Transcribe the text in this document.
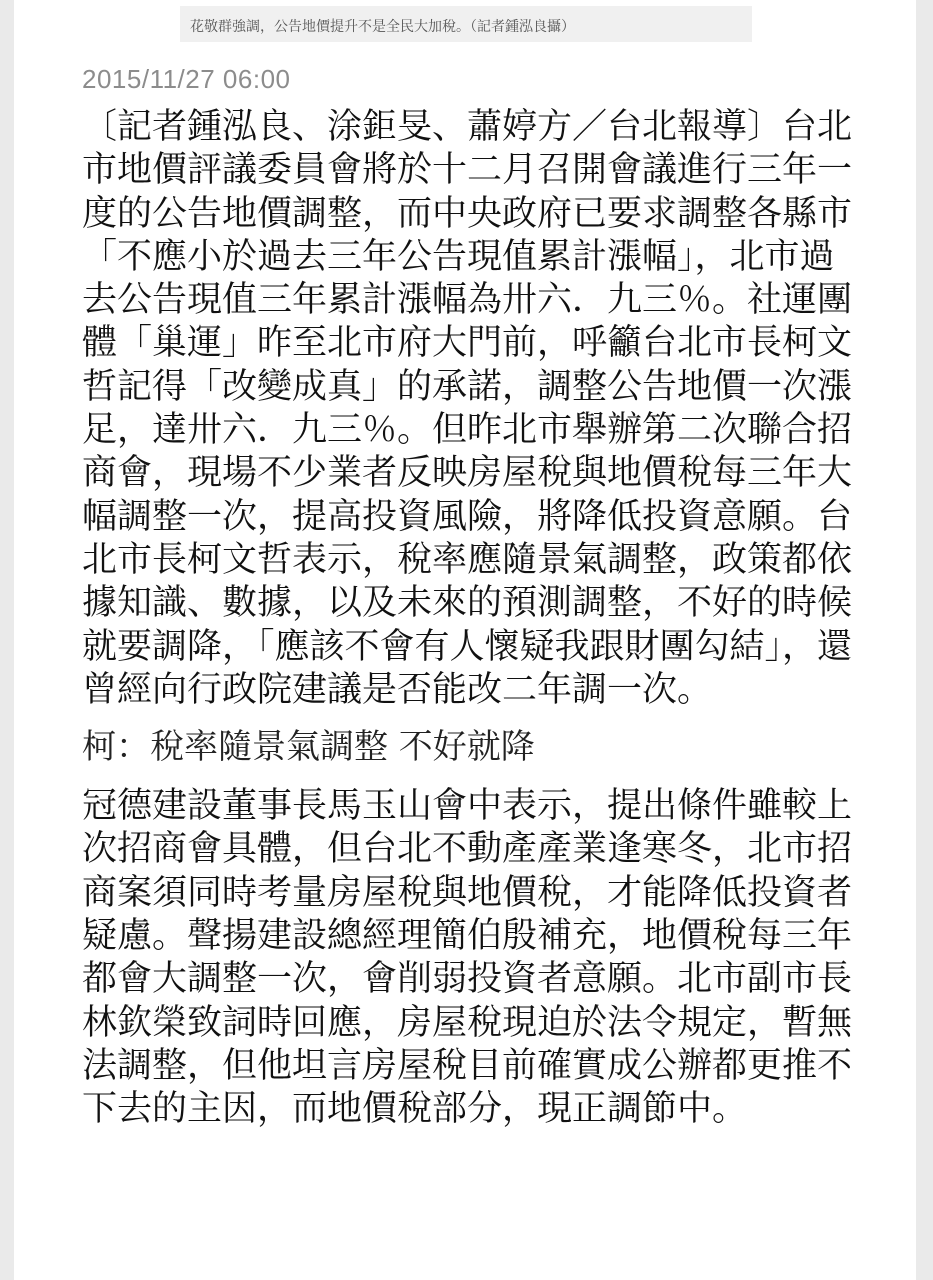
花敬群強調，公告地價提升不是全民大加稅。（記者鍾泓良攝）
2015/11/27 06:00

〔記者鍾泓良、涂鉅旻、蕭婷方／台北報導〕台北市地價評議委員會將於十二月召開會議進行三年一度的公告地價調整，而中央政府已要求調整各縣市「不應小於過去三年公告現值累計漲幅」，北市過去公告現值三年累計漲幅為卅六．九三％。社運團體「巢運」昨至北市府大門前，呼籲台北市長柯文哲記得「改變成真」的承諾，調整公告地價一次漲足，達卅六．九三％。但昨北市舉辦第二次聯合招商會，現場不少業者反映房屋稅與地價稅每三年大幅調整一次，提高投資風險，將降低投資意願。台北市長柯文哲表示，稅率應隨景氣調整，政策都依據知識、數據，以及未來的預測調整，不好的時候就要調降，「應該不會有人懷疑我跟財團勾結」，還曾經向行政院建議是否能改二年調一次。

柯：稅率隨景氣調整 不好就降

冠德建設董事長馬玉山會中表示，提出條件雖較上次招商會具體，但台北不動產產業逢寒冬，北市招商案須同時考量房屋稅與地價稅，才能降低投資者疑慮。聲揚建設總經理簡伯殷補充，地價稅每三年都會大調整一次，會削弱投資者意願。北市副市長林欽榮致詞時回應，房屋稅現迫於法令規定，暫無法調整，但他坦言房屋稅目前確實成公辦都更推不下去的主因，而地價稅部分，現正調節中。
